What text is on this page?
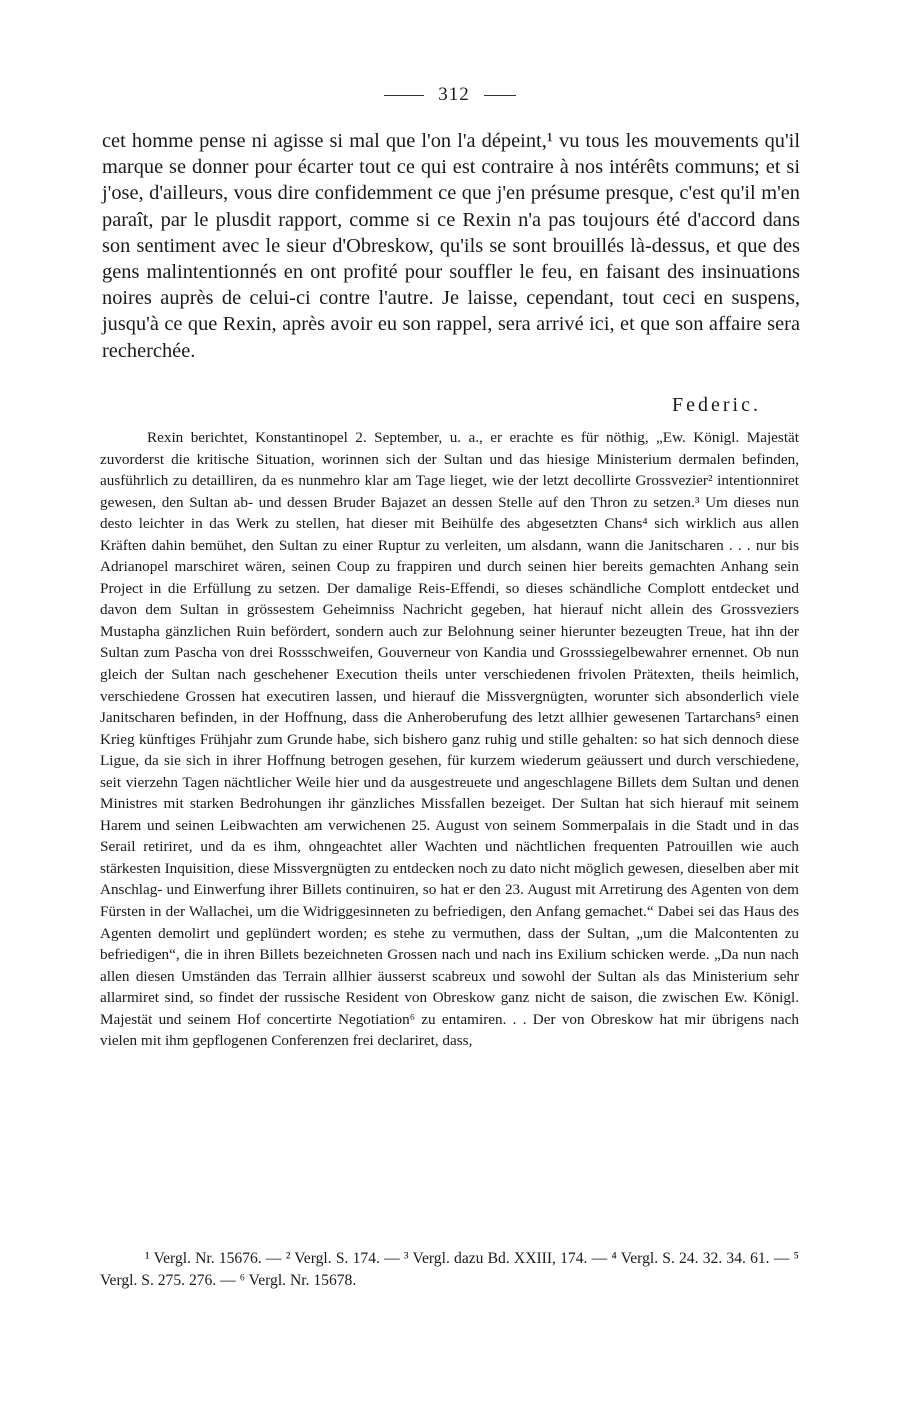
312

cet homme pense ni agisse si mal que l'on l'a dépeint,¹ vu tous les mouvements qu'il marque se donner pour écarter tout ce qui est contraire à nos intérêts communs; et si j'ose, d'ailleurs, vous dire confidemment ce que j'en présume presque, c'est qu'il m'en paraît, par le plusdit rapport, comme si ce Rexin n'a pas toujours été d'accord dans son sentiment avec le sieur d'Obreskow, qu'ils se sont brouillés là-dessus, et que des gens malintentionnés en ont profité pour souffler le feu, en faisant des insinuations noires auprès de celui-ci contre l'autre. Je laisse, cependant, tout ceci en suspens, jusqu'à ce que Rexin, après avoir eu son rappel, sera arrivé ici, et que son affaire sera recherchée.

Federic.

Rexin berichtet, Konstantinopel 2. September, u. a., er erachte es für nöthig, „Ew. Königl. Majestät zuvorderst die kritische Situation, worinnen sich der Sultan und das hiesige Ministerium dermalen befinden, ausführlich zu detailliren, da es nunmehro klar am Tage lieget, wie der letzt decollirte Grossvezier² intentionniret gewesen, den Sultan ab- und dessen Bruder Bajazet an dessen Stelle auf den Thron zu setzen.³ Um dieses nun desto leichter in das Werk zu stellen, hat dieser mit Beihülfe des abgesetzten Chans⁴ sich wirklich aus allen Kräften dahin bemühet, den Sultan zu einer Ruptur zu verleiten, um alsdann, wann die Janitscharen . . . nur bis Adrianopel marschiret wären, seinen Coup zu frappiren und durch seinen hier bereits gemachten Anhang sein Project in die Erfüllung zu setzen. Der damalige Reis-Effendi, so dieses schändliche Complott entdecket und davon dem Sultan in grössestem Geheimniss Nachricht gegeben, hat hierauf nicht allein des Grossveziers Mustapha gänzlichen Ruin befördert, sondern auch zur Belohnung seiner hierunter bezeugten Treue, hat ihn der Sultan zum Pascha von drei Rossschweifen, Gouverneur von Kandia und Grosssiegelbewahrer ernennet. Ob nun gleich der Sultan nach geschehener Execution theils unter verschiedenen frivolen Prätexten, theils heimlich, verschiedene Grossen hat executiren lassen, und hierauf die Missvergnügten, worunter sich absonderlich viele Janitscharen befinden, in der Hoffnung, dass die Anheroberufung des letzt allhier gewesenen Tartarchans⁵ einen Krieg künftiges Frühjahr zum Grunde habe, sich bishero ganz ruhig und stille gehalten: so hat sich dennoch diese Ligue, da sie sich in ihrer Hoffnung betrogen gesehen, für kurzem wiederum geäussert und durch verschiedene, seit vierzehn Tagen nächtlicher Weile hier und da ausgestreuete und angeschlagene Billets dem Sultan und denen Ministres mit starken Bedrohungen ihr gänzliches Missfallen bezeiget. Der Sultan hat sich hierauf mit seinem Harem und seinen Leibwachten am verwichenen 25. August von seinem Sommerpalais in die Stadt und in das Serail retiriret, und da es ihm, ohngeachtet aller Wachten und nächtlichen frequenten Patrouillen wie auch stärkesten Inquisition, diese Missvergnügten zu entdecken noch zu dato nicht möglich gewesen, dieselben aber mit Anschlag- und Einwerfung ihrer Billets continuiren, so hat er den 23. August mit Arretirung des Agenten von dem Fürsten in der Wallachei, um die Widriggesinneten zu befriedigen, den Anfang gemachet.“ Dabei sei das Haus des Agenten demolirt und geplündert worden; es stehe zu vermuthen, dass der Sultan, „um die Malcontenten zu befriedigen“, die in ihren Billets bezeichneten Grossen nach und nach ins Exilium schicken werde. „Da nun nach allen diesen Umständen das Terrain allhier äusserst scabreux und sowohl der Sultan als das Ministerium sehr allarmiret sind, so findet der russische Resident von Obreskow ganz nicht de saison, die zwischen Ew. Königl. Majestät und seinem Hof concertirte Negotiation⁶ zu entamiren. . . Der von Obreskow hat mir übrigens nach vielen mit ihm gepflogenen Conferenzen frei declariret, dass,

¹ Vergl. Nr. 15676. — ² Vergl. S. 174. — ³ Vergl. dazu Bd. XXIII, 174. — ⁴ Vergl. S. 24. 32. 34. 61. — ⁵ Vergl. S. 275. 276. — ⁶ Vergl. Nr. 15678.
